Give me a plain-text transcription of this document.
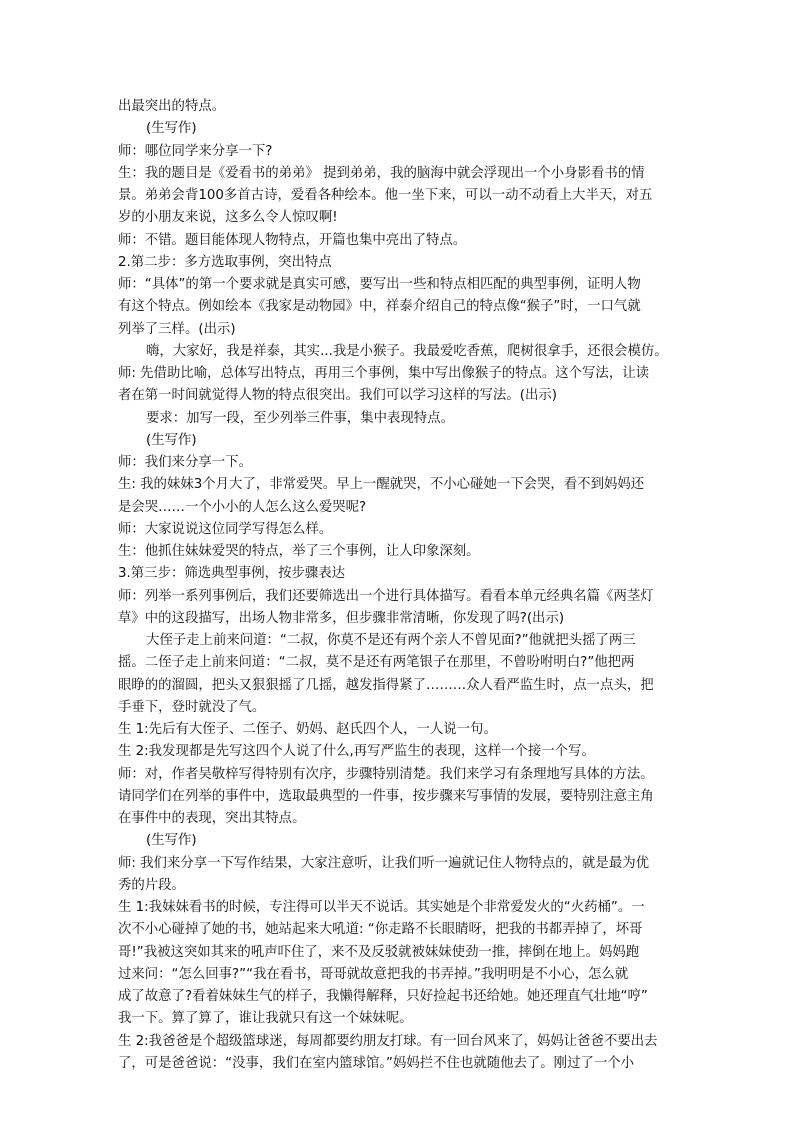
出最突出的特点。
(生写作)
师：哪位同学来分享一下?
生：我的题目是《爱看书的弟弟》 提到弟弟，我的脑海中就会浮现出一个小身影看书的情
景。弟弟会背100多首古诗，爱看各种绘本。他一坐下来，可以一动不动看上大半天，对五
岁的小朋友来说，这多么令人惊叹啊!
师：不错。题目能体现人物特点，开篇也集中亮出了特点。
2.第二步：多方选取事例，突出特点
师：“具体”的第一个要求就是真实可感，要写出一些和特点相匹配的典型事例，证明人物
有这个特点。例如绘本《我家是动物园》中，祥泰介绍自己的特点像“猴子”时，一口气就
列举了三样。(出示)
嗨，大家好，我是祥泰，其实...我是小猴子。我最爱吃香蕉，爬树很拿手，还很会模仿。
师: 先借助比喻，总体写出特点，再用三个事例，集中写出像猴子的特点。这个写法，让读
者在第一时间就觉得人物的特点很突出。我们可以学习这样的写法。(出示)
要求：加写一段，至少列举三件事，集中表现特点。
(生写作)
师：我们来分享一下。
生: 我的妹妹3个月大了，非常爱哭。早上一醒就哭，不小心碰她一下会哭，看不到妈妈还
是会哭……一个小小的人怎么这么爱哭呢?
师：大家说说这位同学写得怎么样。
生：他抓住妹妹爱哭的特点，举了三个事例，让人印象深刻。
3.第三步：筛选典型事例，按步骤表达
师：列举一系列事例后，我们还要筛选出一个进行具体描写。看看本单元经典名篇《两茎灯
草》中的这段描写，出场人物非常多，但步骤非常清晰，你发现了吗?(出示)
大侄子走上前来问道：“二叔，你莫不是还有两个亲人不曾见面?”他就把头摇了两三
摇。二侄子走上前来问道：“二叔，莫不是还有两笔银子在那里，不曾吩咐明白?”他把两
眼睁的的溜圆，把头又狠狠摇了几摇，越发指得紧了………众人看严监生时，点一点头，把
手垂下，登时就没了气。
生 1:先后有大侄子、二侄子、奶妈、赵氏四个人，一人说一句。
生 2:我发现都是先写这四个人说了什么,再写严监生的表现，这样一个接一个写。
师：对，作者吴敬梓写得特别有次序，步骤特别清楚。我们来学习有条理地写具体的方法。
请同学们在列举的事件中，选取最典型的一件事，按步骤来写事情的发展，要特别注意主角
在事件中的表现，突出其特点。
(生写作)
师: 我们来分享一下写作结果，大家注意听，让我们听一遍就记住人物特点的，就是最为优
秀的片段。
生 1:我妹妹看书的时候，专注得可以半天不说话。其实她是个非常爱发火的“火药桶”。一
次不小心碰掉了她的书，她站起来大吼道: “你走路不长眼睛呀，把我的书都弄掉了，坏哥
哥!”我被这突如其来的吼声吓住了，来不及反驳就被妹妹使劲一推，摔倒在地上。妈妈跑
过来问：“怎么回事?”“我在看书，哥哥就故意把我的书弄掉。”我明明是不小心，怎么就
成了故意了?看着妹妹生气的样子，我懒得解释，只好捡起书还给她。她还理直气壮地“哼”
我一下。算了算了，谁让我就只有这一个妹妹呢。
生 2:我爸爸是个超级篮球迷，每周都要约朋友打球。有一回台风来了，妈妈让爸爸不要出去
了，可是爸爸说：“没事，我们在室内篮球馆。”妈妈拦不住也就随他去了。刚过了一个小
